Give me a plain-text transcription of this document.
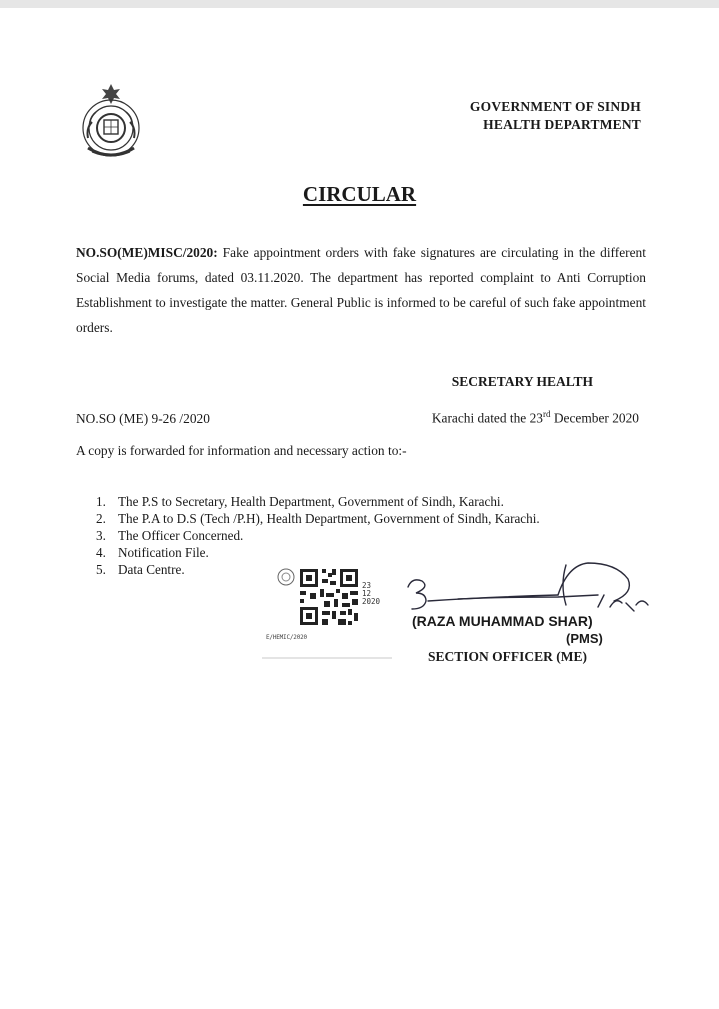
GOVERNMENT OF SINDH
HEALTH DEPARTMENT
CIRCULAR
NO.SO(ME)MISC/2020: Fake appointment orders with fake signatures are circulating in the different Social Media forums, dated 03.11.2020. The department has reported complaint to Anti Corruption Establishment to investigate the matter. General Public is informed to be careful of such fake appointment orders.
SECRETARY HEALTH
NO.SO (ME) 9-26 /2020	Karachi dated the 23rd December 2020
A copy is forwarded for information and necessary action to:-
1. The P.S to Secretary, Health Department, Government of Sindh, Karachi.
2. The P.A to D.S (Tech /P.H), Health Department, Government of Sindh, Karachi.
3. The Officer Concerned.
4. Notification File.
5. Data Centre.
23
12
2020
E/HEMIC/2020
(RAZA MUHAMMAD SHAR)
(PMS)
SECTION OFFICER (ME)
